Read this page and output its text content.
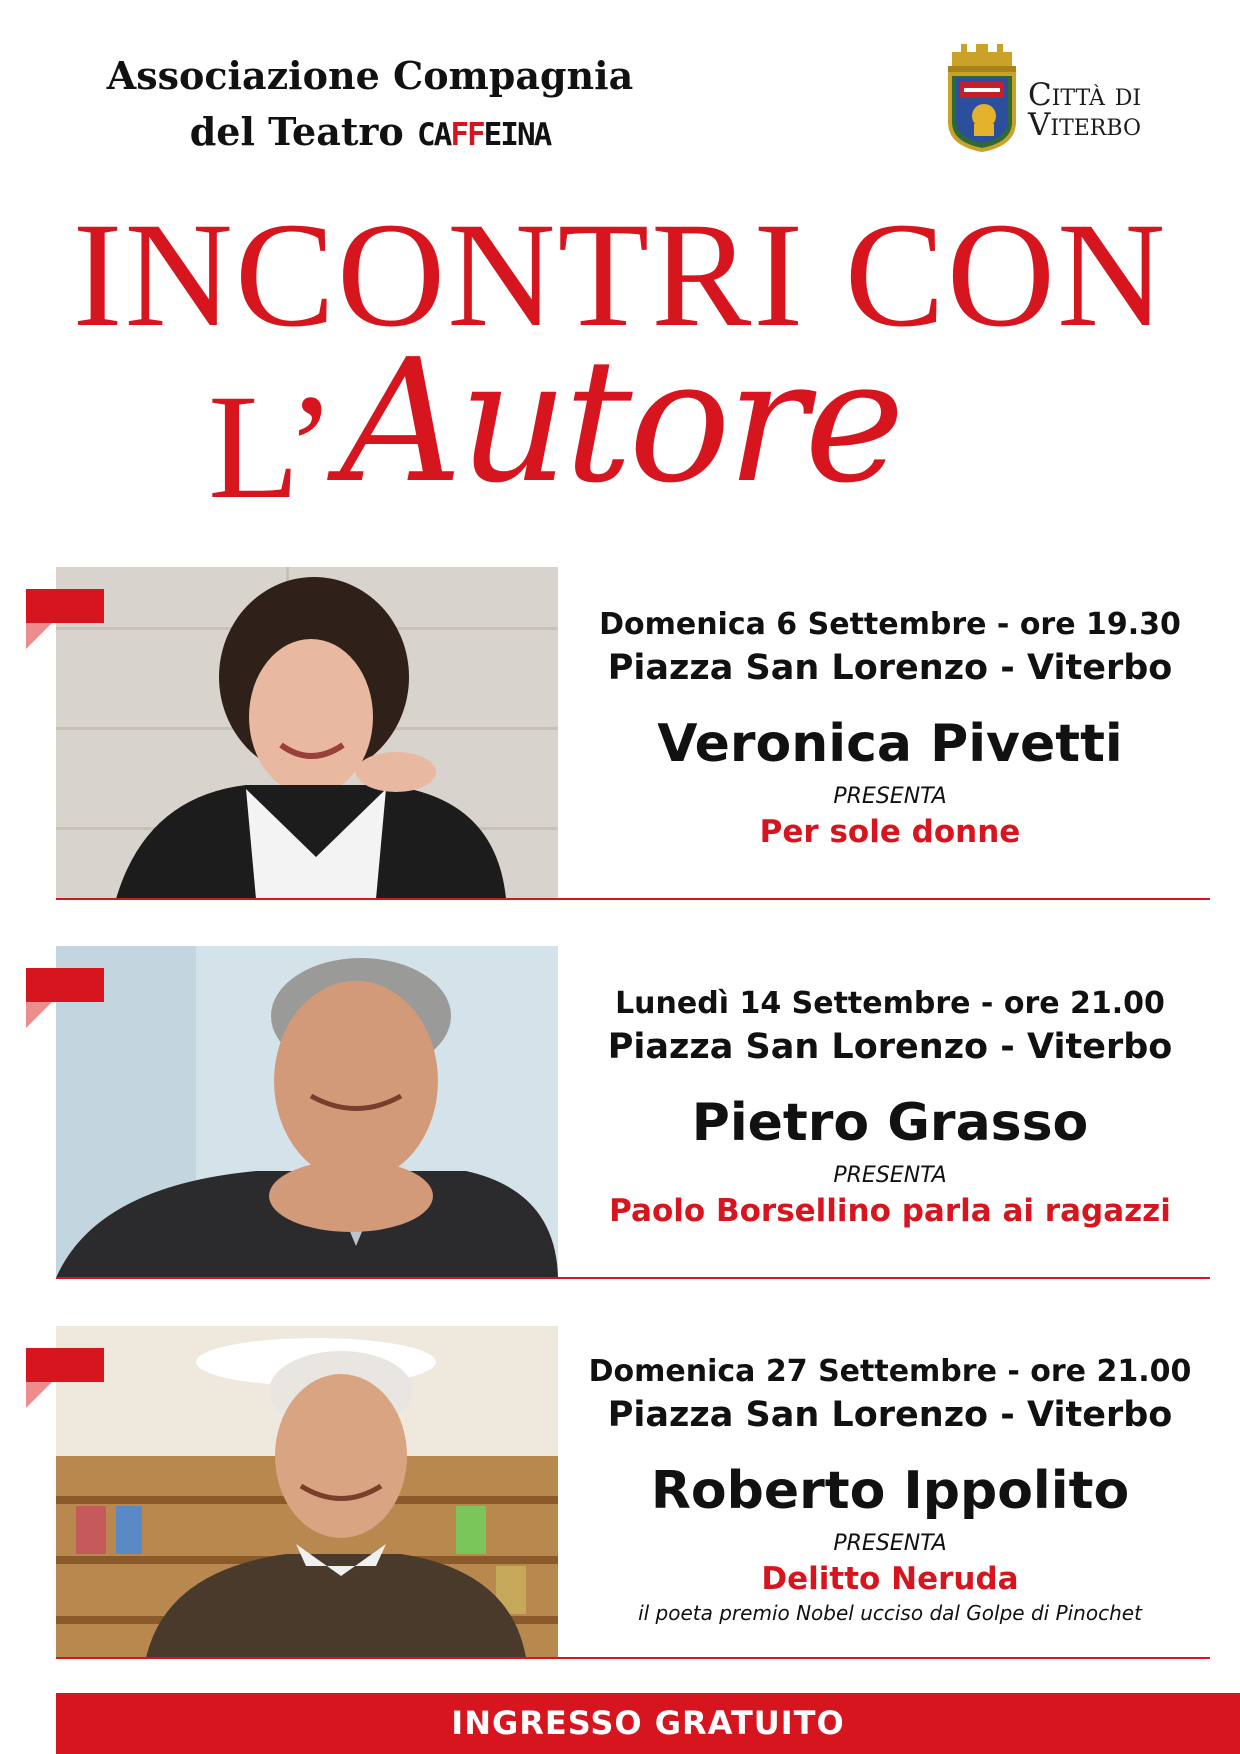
Associazione Compagnia
del Teatro CAFFEINA
Città di
Viterbo
INCONTRI CON
L’ Autore
Domenica 6 Settembre - ore 19.30
Piazza San Lorenzo - Viterbo
Veronica Pivetti
PRESENTA
Per sole donne
Lunedì 14 Settembre - ore 21.00
Piazza San Lorenzo - Viterbo
Pietro Grasso
PRESENTA
Paolo Borsellino parla ai ragazzi
Domenica 27 Settembre - ore 21.00
Piazza San Lorenzo - Viterbo
Roberto Ippolito
PRESENTA
Delitto Neruda
il poeta premio Nobel ucciso dal Golpe di Pinochet
INGRESSO GRATUITO
